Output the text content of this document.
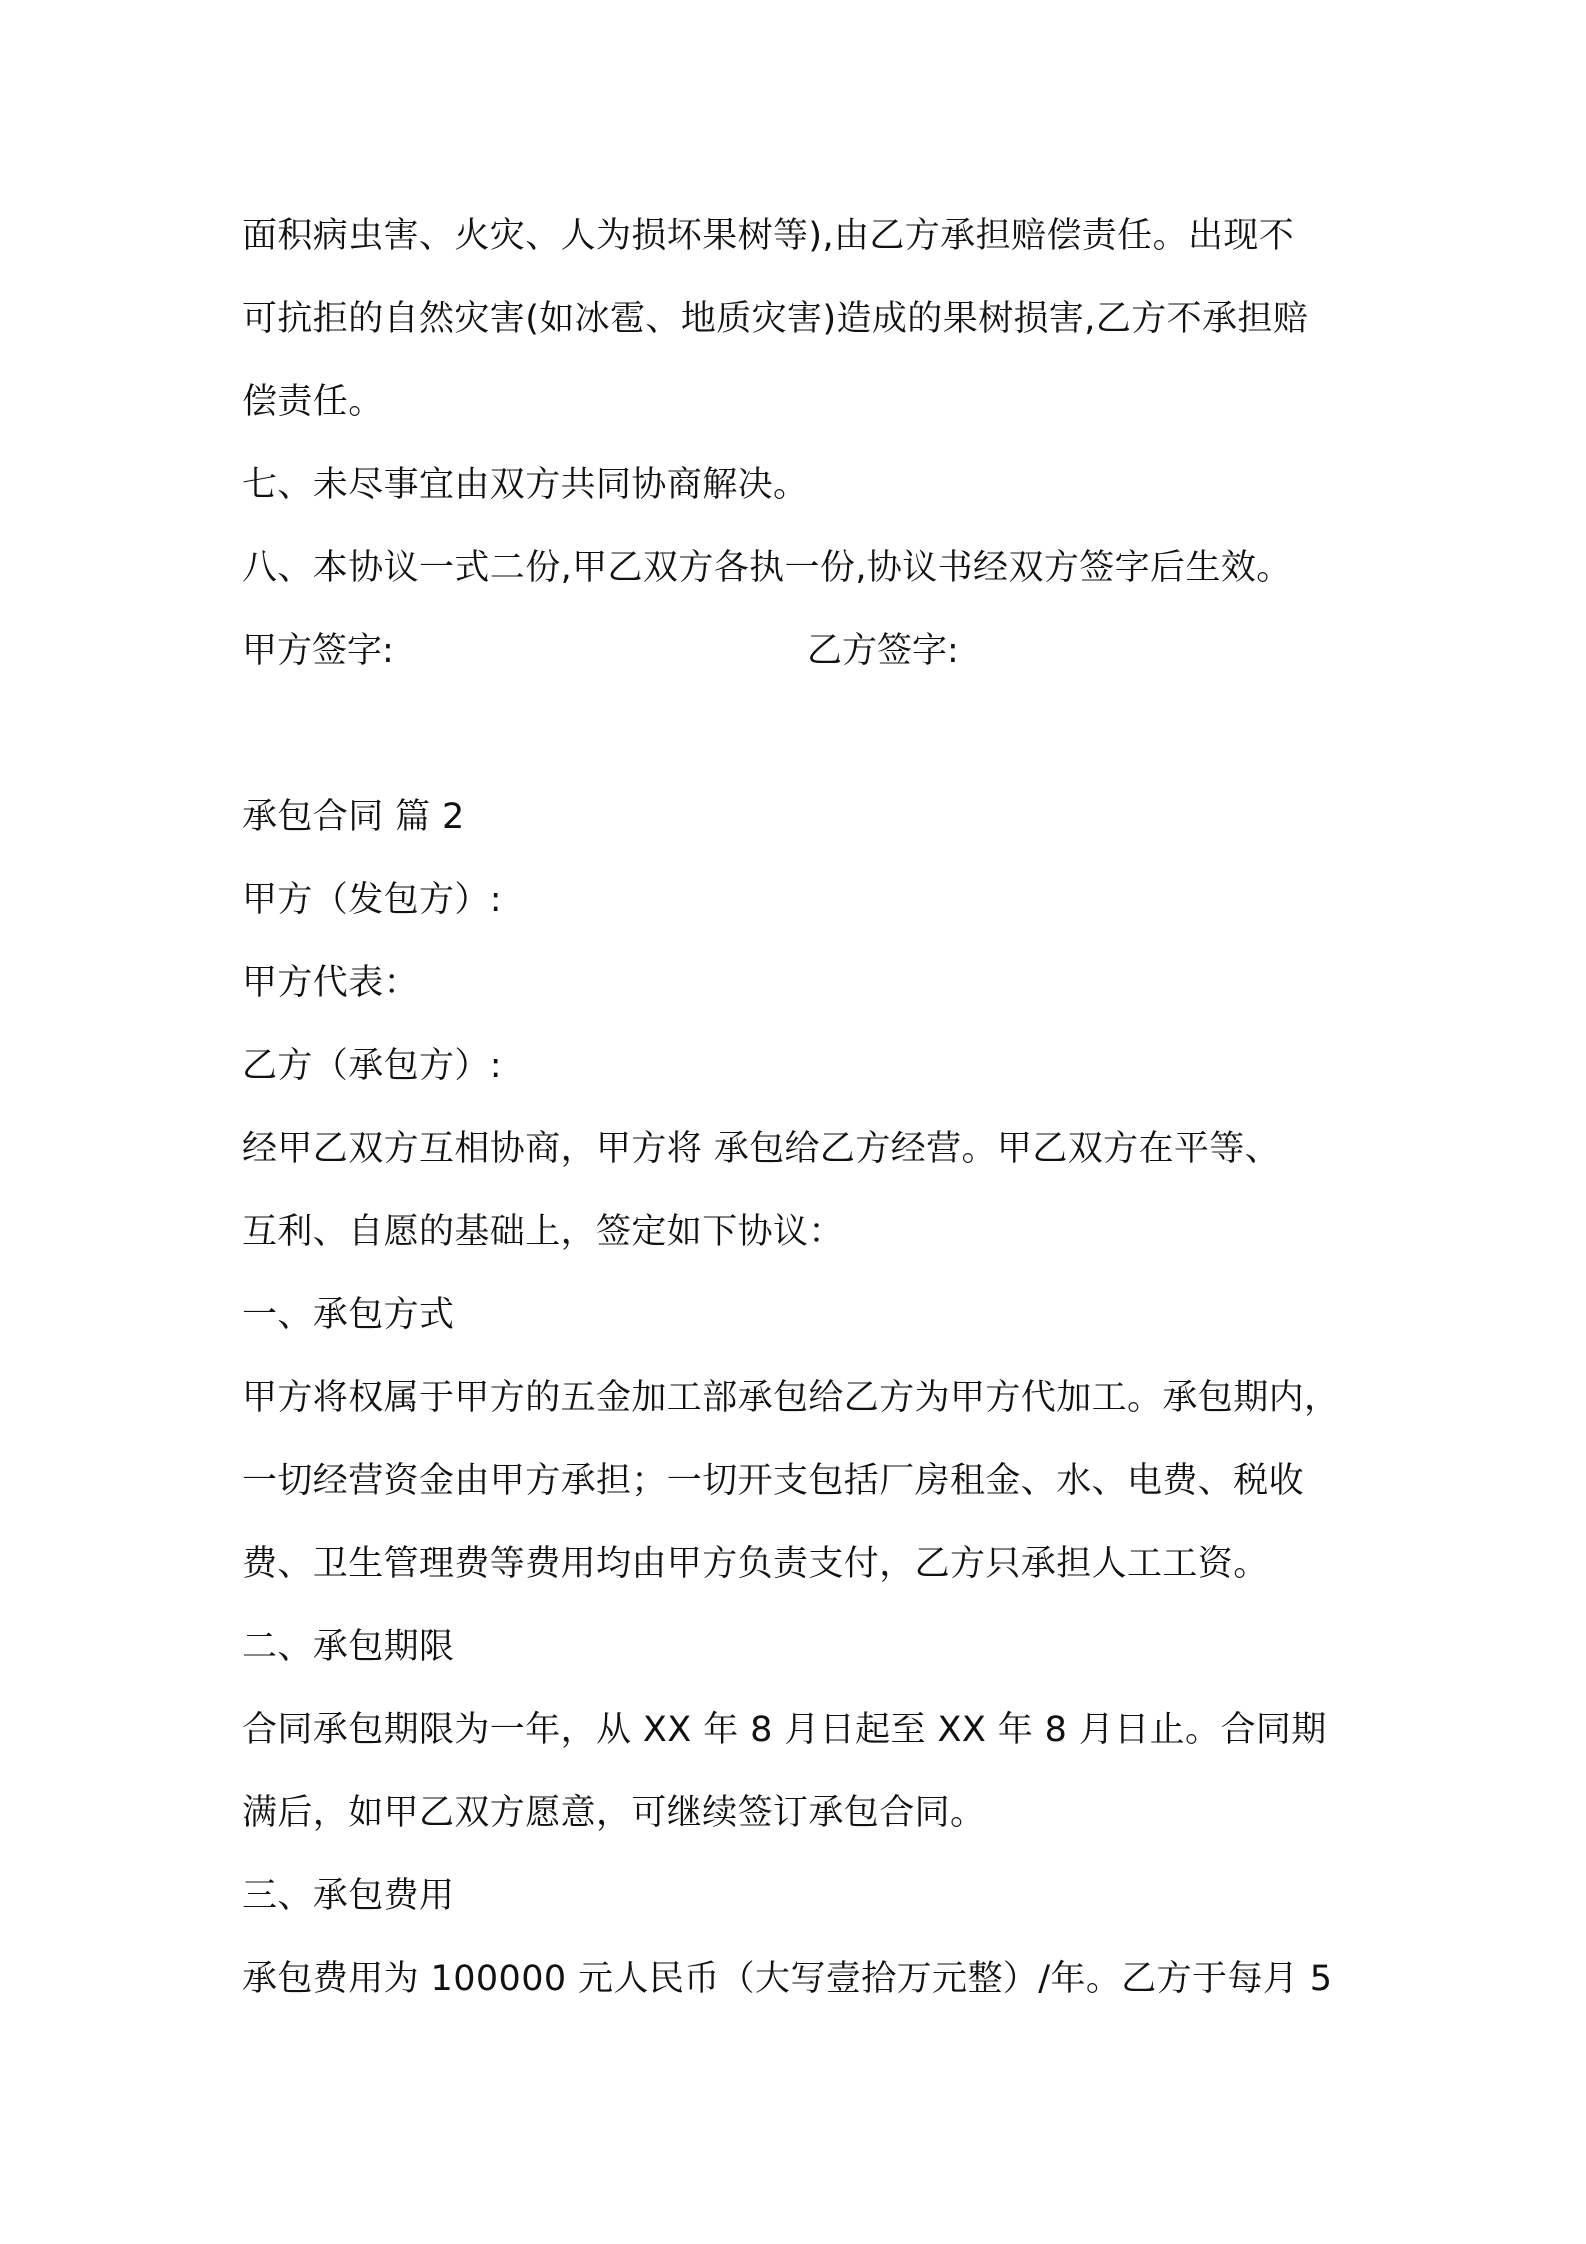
面积病虫害、火灾、人为损坏果树等),由乙方承担赔偿责任。出现不
可抗拒的自然灾害(如冰雹、地质灾害)造成的果树损害,乙方不承担赔
偿责任。
七、未尽事宜由双方共同协商解决。
八、本协议一式二份,甲乙双方各执一份,协议书经双方签字后生效。
甲方签字:	乙方签字:
承包合同 篇 2
甲方（发包方）:
甲方代表：
乙方（承包方）:
经甲乙双方互相协商，甲方将 承包给乙方经营。甲乙双方在平等、
互利、自愿的基础上，签定如下协议：
一、承包方式
甲方将权属于甲方的五金加工部承包给乙方为甲方代加工。承包期内，
一切经营资金由甲方承担；一切开支包括厂房租金、水、电费、税收
费、卫生管理费等费用均由甲方负责支付，乙方只承担人工工资。
二、承包期限
合同承包期限为一年，从 XX 年 8 月日起至 XX 年 8 月日止。合同期
满后，如甲乙双方愿意，可继续签订承包合同。
三、承包费用
承包费用为 100000 元人民币（大写壹拾万元整）/年。乙方于每月 5
